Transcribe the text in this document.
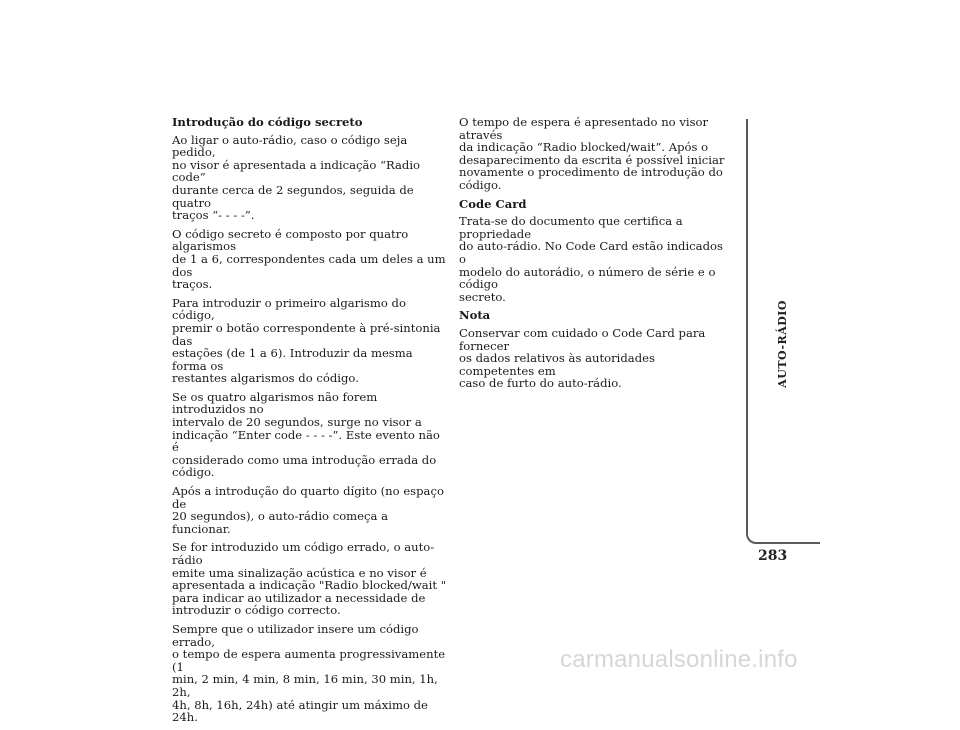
Introdução do código secreto

Ao ligar o auto-rádio, caso o código seja pedido,
no visor é apresentada a indicação “Radio code”
durante cerca de 2 segundos, seguida de quatro
traços “- - - -”.

O código secreto é composto por quatro algarismos
de 1 a 6, correspondentes cada um deles a um dos
traços.

Para introduzir o primeiro algarismo do código,
premir o botão correspondente à pré-sintonia das
estações (de 1 a 6). Introduzir da mesma forma os
restantes algarismos do código.

Se os quatro algarismos não forem introduzidos no
intervalo de 20 segundos, surge no visor a
indicação “Enter code - - - -”. Este evento não é
considerado como uma introdução errada do
código.

Após a introdução do quarto dígito (no espaço de
20 segundos), o auto-rádio começa a funcionar.

Se for introduzido um código errado, o auto-rádio
emite uma sinalização acústica e no visor é
apresentada a indicação "Radio blocked/wait "
para indicar ao utilizador a necessidade de
introduzir o código correcto.

Sempre que o utilizador insere um código errado,
o tempo de espera aumenta progressivamente (1
min, 2 min, 4 min, 8 min, 16 min, 30 min, 1h, 2h,
4h, 8h, 16h, 24h) até atingir um máximo de 24h.

O tempo de espera é apresentado no visor através
da indicação “Radio blocked/wait”. Após o
desaparecimento da escrita é possível iniciar
novamente o procedimento de introdução do
código.

Code Card

Trata-se do documento que certifica a propriedade
do auto-rádio. No Code Card estão indicados o
modelo do autorádio, o número de série e o código
secreto.

Nota

Conservar com cuidado o Code Card para fornecer
os dados relativos às autoridades competentes em
caso de furto do auto-rádio.	AUTO-RÁDIO
283
carmanualsonline.info
